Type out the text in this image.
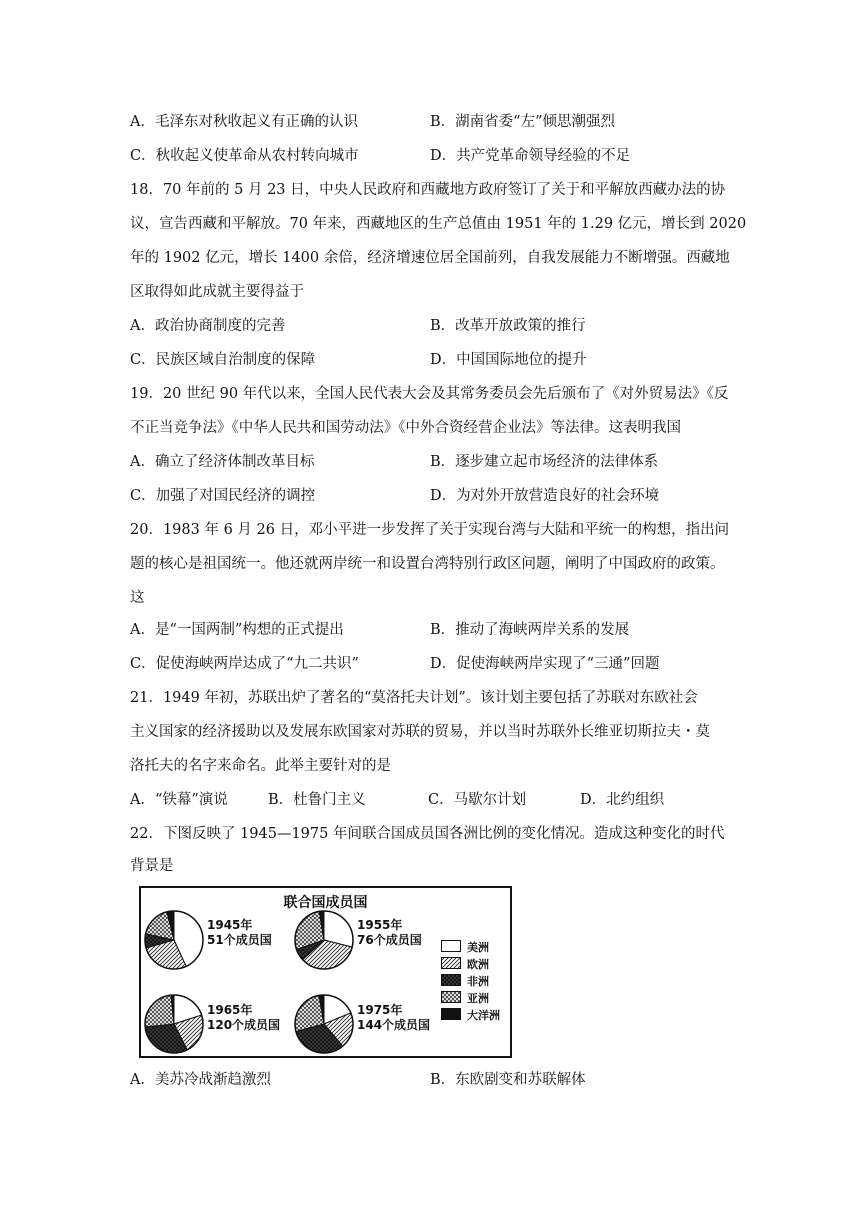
A．毛泽东对秋收起义有正确的认识	B．湖南省委“左”倾思潮强烈
C．秋收起义使革命从农村转向城市	D．共产党革命领导经验的不足
18．70 年前的 5 月 23 日，中央人民政府和西藏地方政府签订了关于和平解放西藏办法的协
议，宣告西藏和平解放。70 年来，西藏地区的生产总值由 1951 年的 1.29 亿元，增长到 2020
年的 1902 亿元，增长 1400 余倍，经济增速位居全国前列，自我发展能力不断增强。西藏地
区取得如此成就主要得益于
A．政治协商制度的完善	B．改革开放政策的推行
C．民族区域自治制度的保障	D．中国国际地位的提升
19．20 世纪 90 年代以来，全国人民代表大会及其常务委员会先后颁布了《对外贸易法》《反
不正当竞争法》《中华人民共和国劳动法》《中外合资经营企业法》等法律。这表明我国
A．确立了经济体制改革目标	B．逐步建立起市场经济的法律体系
C．加强了对国民经济的调控	D．为对外开放营造良好的社会环境
20．1983 年 6 月 26 日，邓小平进一步发挥了关于实现台湾与大陆和平统一的构想，指出问
题的核心是祖国统一。他还就两岸统一和设置台湾特别行政区问题，阐明了中国政府的政策。
这
A．是“一国两制”构想的正式提出	B．推动了海峡两岸关系的发展
C．促使海峡两岸达成了“九二共识”	D．促使海峡两岸实现了“三通”回题
21．1949 年初，苏联出炉了著名的“莫洛托夫计划”。该计划主要包括了苏联对东欧社会
主义国家的经济援助以及发展东欧国家对苏联的贸易，并以当时苏联外长维亚切斯拉夫・莫
洛托夫的名字来命名。此举主要针对的是
A．“铁幕”演说	B．杜鲁门主义	C．马歇尔计划	D．北约组织
22．下图反映了 1945—1975 年间联合国成员国各洲比例的变化情况。造成这种变化的时代
背景是
联合国成员国
1945年
51个成员国
1955年
76个成员国
1965年
120个成员国
1975年
144个成员国
美洲
欧洲
非洲
亚洲
大洋洲
A．美苏冷战渐趋激烈	B．东欧剧变和苏联解体
